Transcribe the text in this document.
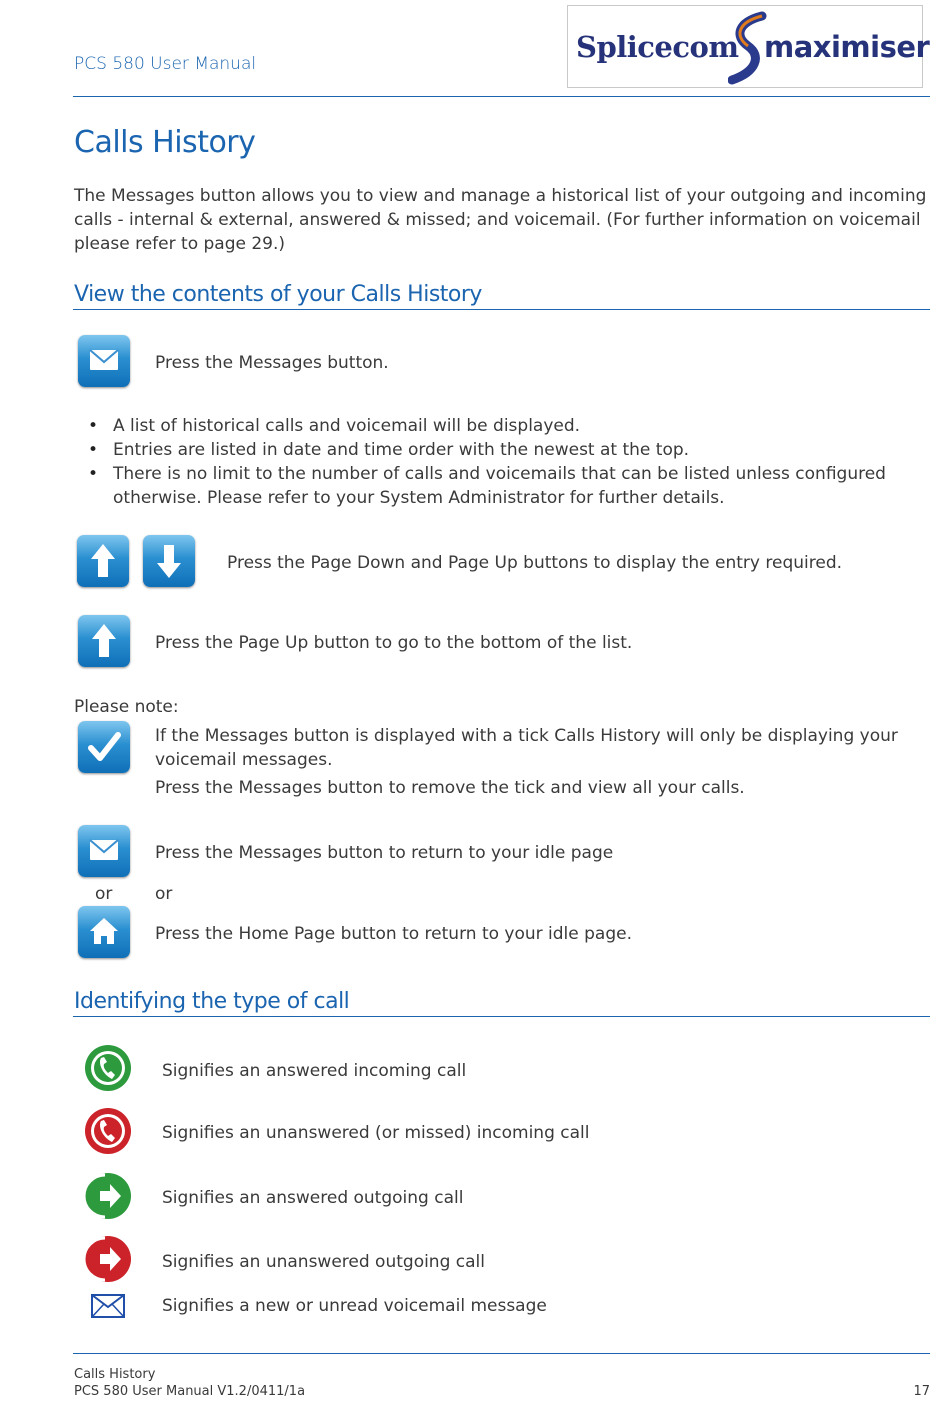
PCS 580 User Manual	Splicecom maximiser
Calls History
The Messages button allows you to view and manage a historical list of your outgoing and incoming calls - internal & external, answered & missed; and voicemail. (For further information on voicemail please refer to page 29.)
View the contents of your Calls History
Press the Messages button.
• A list of historical calls and voicemail will be displayed.
• Entries are listed in date and time order with the newest at the top.
• There is no limit to the number of calls and voicemails that can be listed unless configured otherwise. Please refer to your System Administrator for further details.
Press the Page Down and Page Up buttons to display the entry required.
Press the Page Up button to go to the bottom of the list.
Please note:
If the Messages button is displayed with a tick Calls History will only be displaying your voicemail messages.
Press the Messages button to remove the tick and view all your calls.
Press the Messages button to return to your idle page
or	or
Press the Home Page button to return to your idle page.
Identifying the type of call
Signifies an answered incoming call
Signifies an unanswered (or missed) incoming call
Signifies an answered outgoing call
Signifies an unanswered outgoing call
Signifies a new or unread voicemail message
Calls History
PCS 580 User Manual V1.2/0411/1a	17
